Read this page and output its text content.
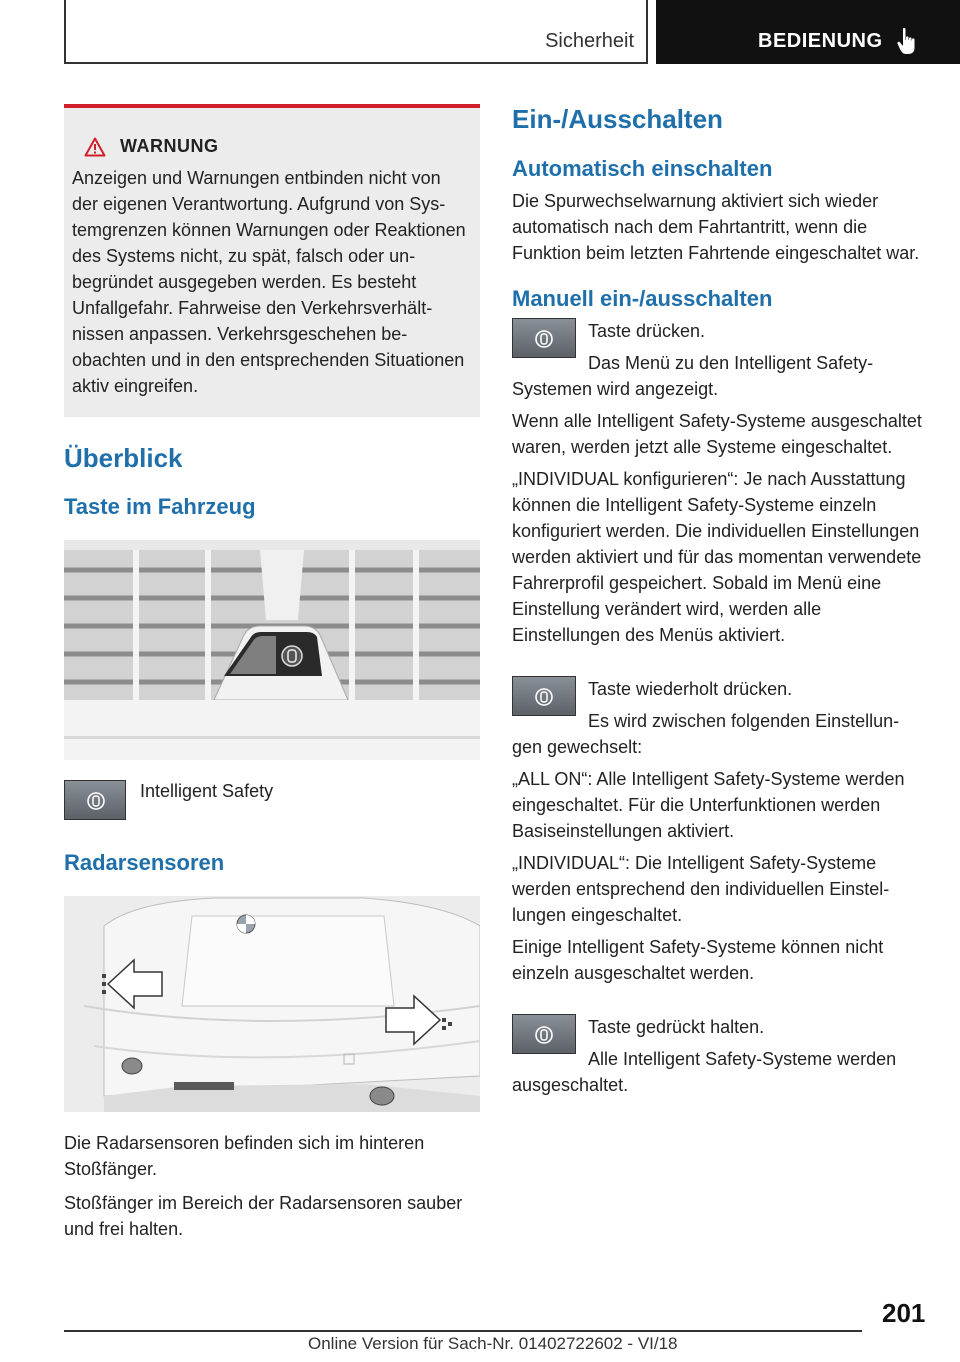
Sicherheit	BEDIENUNG
WARNUNG
Anzeigen und Warnungen entbinden nicht von der eigenen Verantwortung. Aufgrund von Systemgrenzen können Warnungen oder Reaktionen des Systems nicht, zu spät, falsch oder unbegründet ausgegeben werden. Es besteht Unfallgefahr. Fahrweise den Verkehrsverhältnissen anpassen. Verkehrsgeschehen beobachten und in den entsprechenden Situationen aktiv eingreifen.
Überblick
Taste im Fahrzeug
Intelligent Safety
Radarsensoren

Die Radarsensoren befinden sich im hinteren Stoßfänger.

Stoßfänger im Bereich der Radarsensoren sauber und frei halten.

Ein-/Ausschalten
Automatisch einschalten

Die Spurwechselwarnung aktiviert sich wieder automatisch nach dem Fahrtantritt, wenn die Funktion beim letzten Fahrtende eingeschaltet war.

Manuell ein-/ausschalten

Taste drücken.

Das Menü zu den Intelligent Safety-Systemen wird angezeigt.

Wenn alle Intelligent Safety-Systeme ausgeschaltet waren, werden jetzt alle Systeme eingeschaltet.

„INDIVIDUAL konfigurieren“: Je nach Ausstattung können die Intelligent Safety-Systeme einzeln konfiguriert werden. Die individuellen Einstellungen werden aktiviert und für das momentan verwendete Fahrerprofil gespeichert. Sobald im Menü eine Einstellung verändert wird, werden alle Einstellungen des Menüs aktiviert.

Taste wiederholt drücken.

Es wird zwischen folgenden Einstellungen gewechselt:

„ALL ON“: Alle Intelligent Safety-Systeme werden eingeschaltet. Für die Unterfunktionen werden Basiseinstellungen aktiviert.

„INDIVIDUAL“: Die Intelligent Safety-Systeme werden entsprechend den individuellen Einstellungen eingeschaltet.

Einige Intelligent Safety-Systeme können nicht einzeln ausgeschaltet werden.

Taste gedrückt halten.

Alle Intelligent Safety-Systeme werden ausgeschaltet.

201
Online Version für Sach-Nr. 01402722602 - VI/18
